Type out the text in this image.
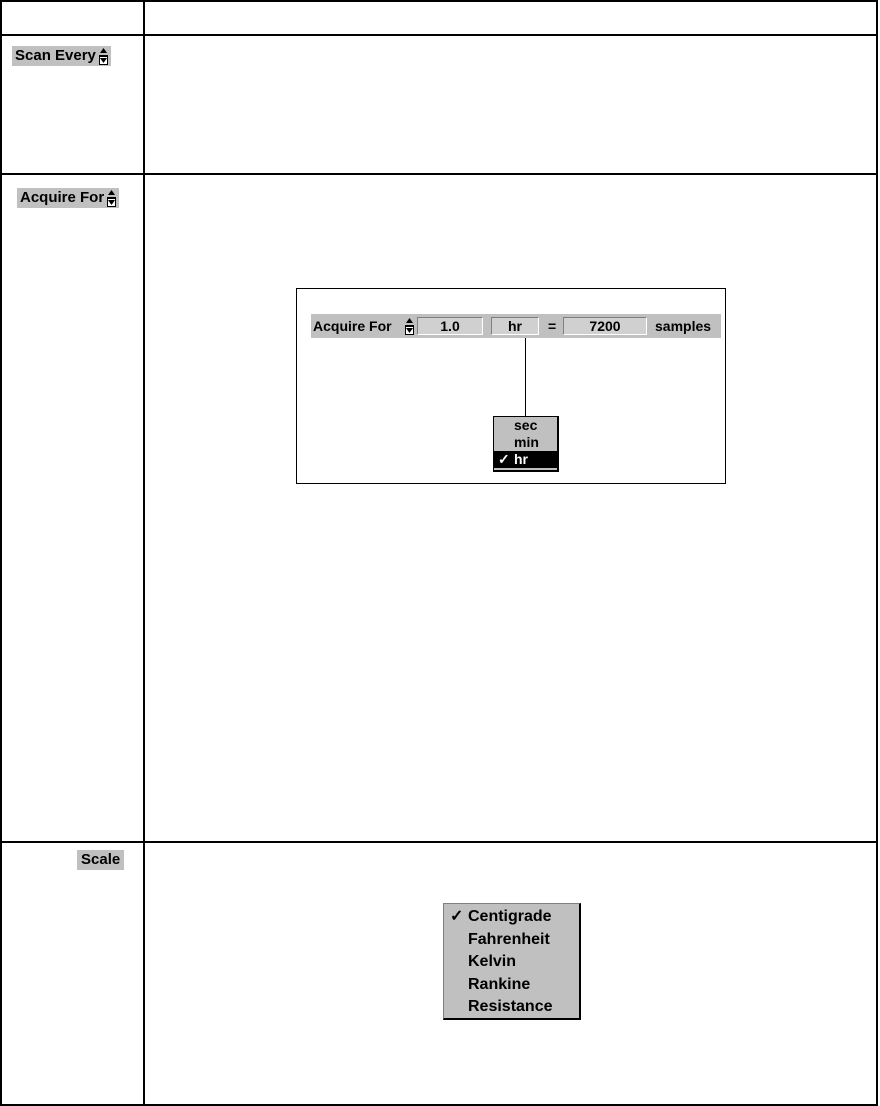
Scan Every
Acquire For
Acquire For	1.0	hr	=	7200	samples
sec
min
✓ hr
Scale
✓ Centigrade
Fahrenheit
Kelvin
Rankine
Resistance
